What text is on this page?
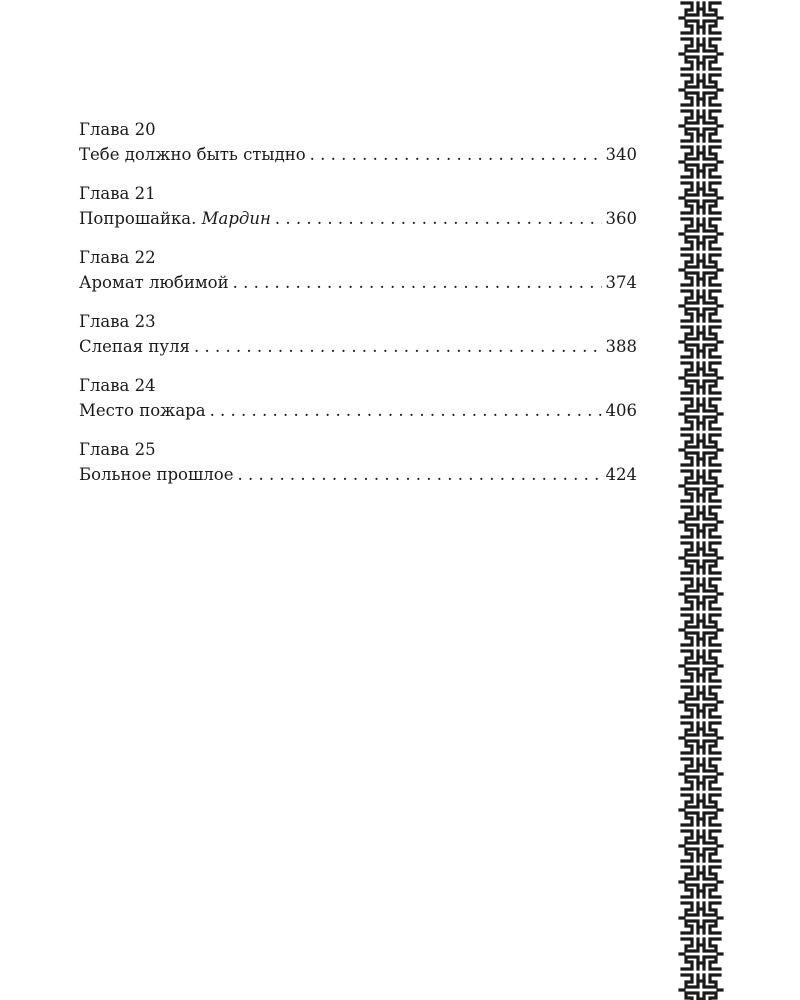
Глава 20
Тебе должно быть стыдно . . .	340
Глава 21
Попрошайка. Мардин . . .	360
Глава 22
Аромат любимой . . .	374
Глава 23
Слепая пуля . . .	388
Глава 24
Место пожара . . .	406
Глава 25
Больное прошлое . . .	424
